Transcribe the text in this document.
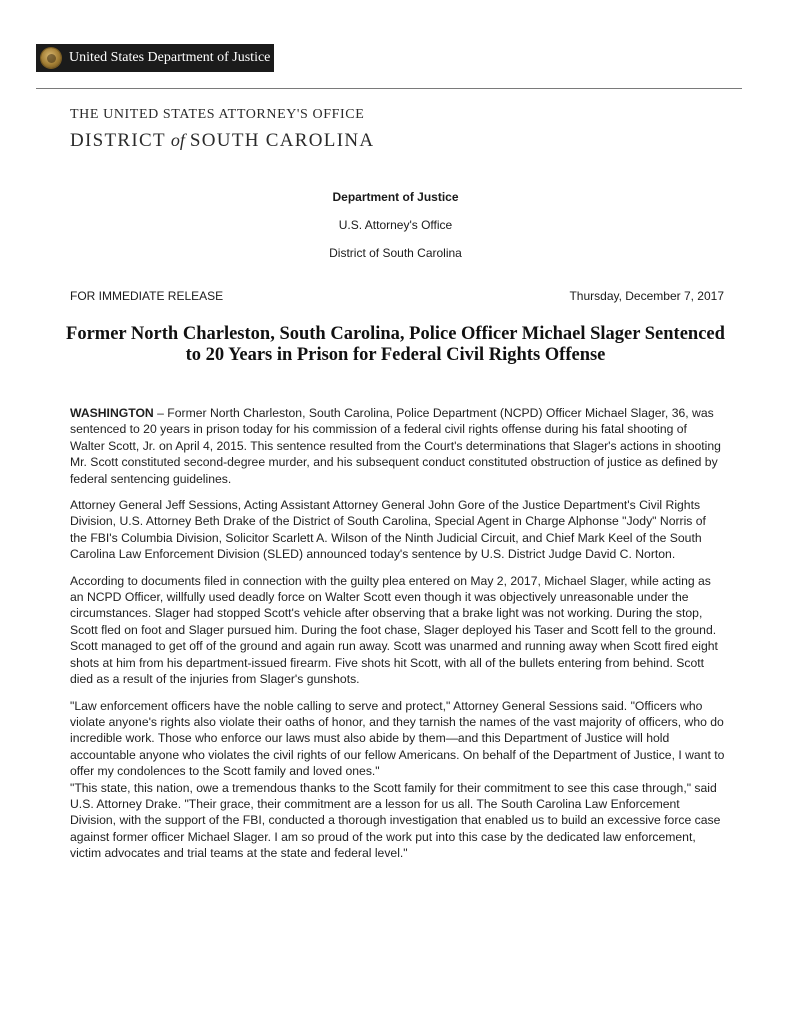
United States Department of Justice
THE UNITED STATES ATTORNEY'S OFFICE
DISTRICT of SOUTH CAROLINA
Department of Justice
U.S. Attorney's Office
District of South Carolina
FOR IMMEDIATE RELEASE	Thursday, December 7, 2017
Former North Charleston, South Carolina, Police Officer Michael Slager Sentenced to 20 Years in Prison for Federal Civil Rights Offense

WASHINGTON – Former North Charleston, South Carolina, Police Department (NCPD) Officer Michael Slager, 36, was sentenced to 20 years in prison today for his commission of a federal civil rights offense during his fatal shooting of Walter Scott, Jr. on April 4, 2015. This sentence resulted from the Court's determinations that Slager's actions in shooting Mr. Scott constituted second-degree murder, and his subsequent conduct constituted obstruction of justice as defined by federal sentencing guidelines.

Attorney General Jeff Sessions, Acting Assistant Attorney General John Gore of the Justice Department's Civil Rights Division, U.S. Attorney Beth Drake of the District of South Carolina, Special Agent in Charge Alphonse "Jody" Norris of the FBI's Columbia Division, Solicitor Scarlett A. Wilson of the Ninth Judicial Circuit, and Chief Mark Keel of the South Carolina Law Enforcement Division (SLED) announced today's sentence by U.S. District Judge David C. Norton.

According to documents filed in connection with the guilty plea entered on May 2, 2017, Michael Slager, while acting as an NCPD Officer, willfully used deadly force on Walter Scott even though it was objectively unreasonable under the circumstances. Slager had stopped Scott's vehicle after observing that a brake light was not working. During the stop, Scott fled on foot and Slager pursued him. During the foot chase, Slager deployed his Taser and Scott fell to the ground. Scott managed to get off of the ground and again run away. Scott was unarmed and running away when Scott fired eight shots at him from his department-issued firearm. Five shots hit Scott, with all of the bullets entering from behind. Scott died as a result of the injuries from Slager's gunshots.

"Law enforcement officers have the noble calling to serve and protect," Attorney General Sessions said. "Officers who violate anyone's rights also violate their oaths of honor, and they tarnish the names of the vast majority of officers, who do incredible work. Those who enforce our laws must also abide by them—and this Department of Justice will hold accountable anyone who violates the civil rights of our fellow Americans. On behalf of the Department of Justice, I want to offer my condolences to the Scott family and loved ones."

"This state, this nation, owe a tremendous thanks to the Scott family for their commitment to see this case through," said U.S. Attorney Drake. "Their grace, their commitment are a lesson for us all. The South Carolina Law Enforcement Division, with the support of the FBI, conducted a thorough investigation that enabled us to build an excessive force case against former officer Michael Slager. I am so proud of the work put into this case by the dedicated law enforcement, victim advocates and trial teams at the state and federal level."
